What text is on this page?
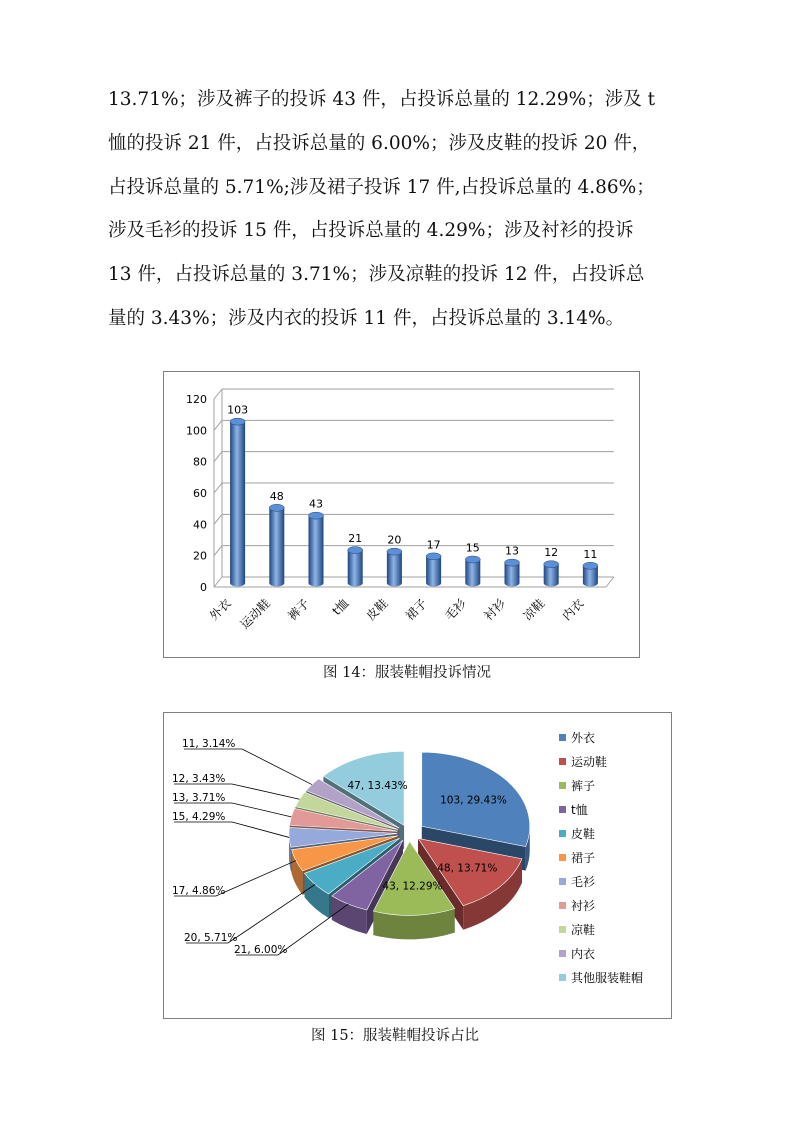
13.71%；涉及裤子的投诉 43 件，占投诉总量的 12.29%；涉及 t

恤的投诉 21 件，占投诉总量的 6.00%；涉及皮鞋的投诉 20 件，

占投诉总量的 5.71%;涉及裙子投诉 17 件,占投诉总量的 4.86%；

涉及毛衫的投诉 15 件，占投诉总量的 4.29%；涉及衬衫的投诉

13 件，占投诉总量的 3.71%；涉及凉鞋的投诉 12 件，占投诉总

量的 3.43%；涉及内衣的投诉 11 件，占投诉总量的 3.14%。

0
20
40
60
80
100
120
103
外衣
48
运动鞋
43
裤子
21
t恤
20
皮鞋
17
裙子
15
毛衫
13
衬衫
12
凉鞋
11
内衣
图 14：服装鞋帽投诉情况
103, 29.43%
48, 13.71%
43, 12.29%
21, 6.00%
20, 5.71%
17, 4.86%
15, 4.29%
13, 3.71%
12, 3.43%
11, 3.14%
47, 13.43%
外衣
运动鞋
裤子
t恤
皮鞋
裙子
毛衫
衬衫
凉鞋
内衣
其他服装鞋帽
图 15：服装鞋帽投诉占比
